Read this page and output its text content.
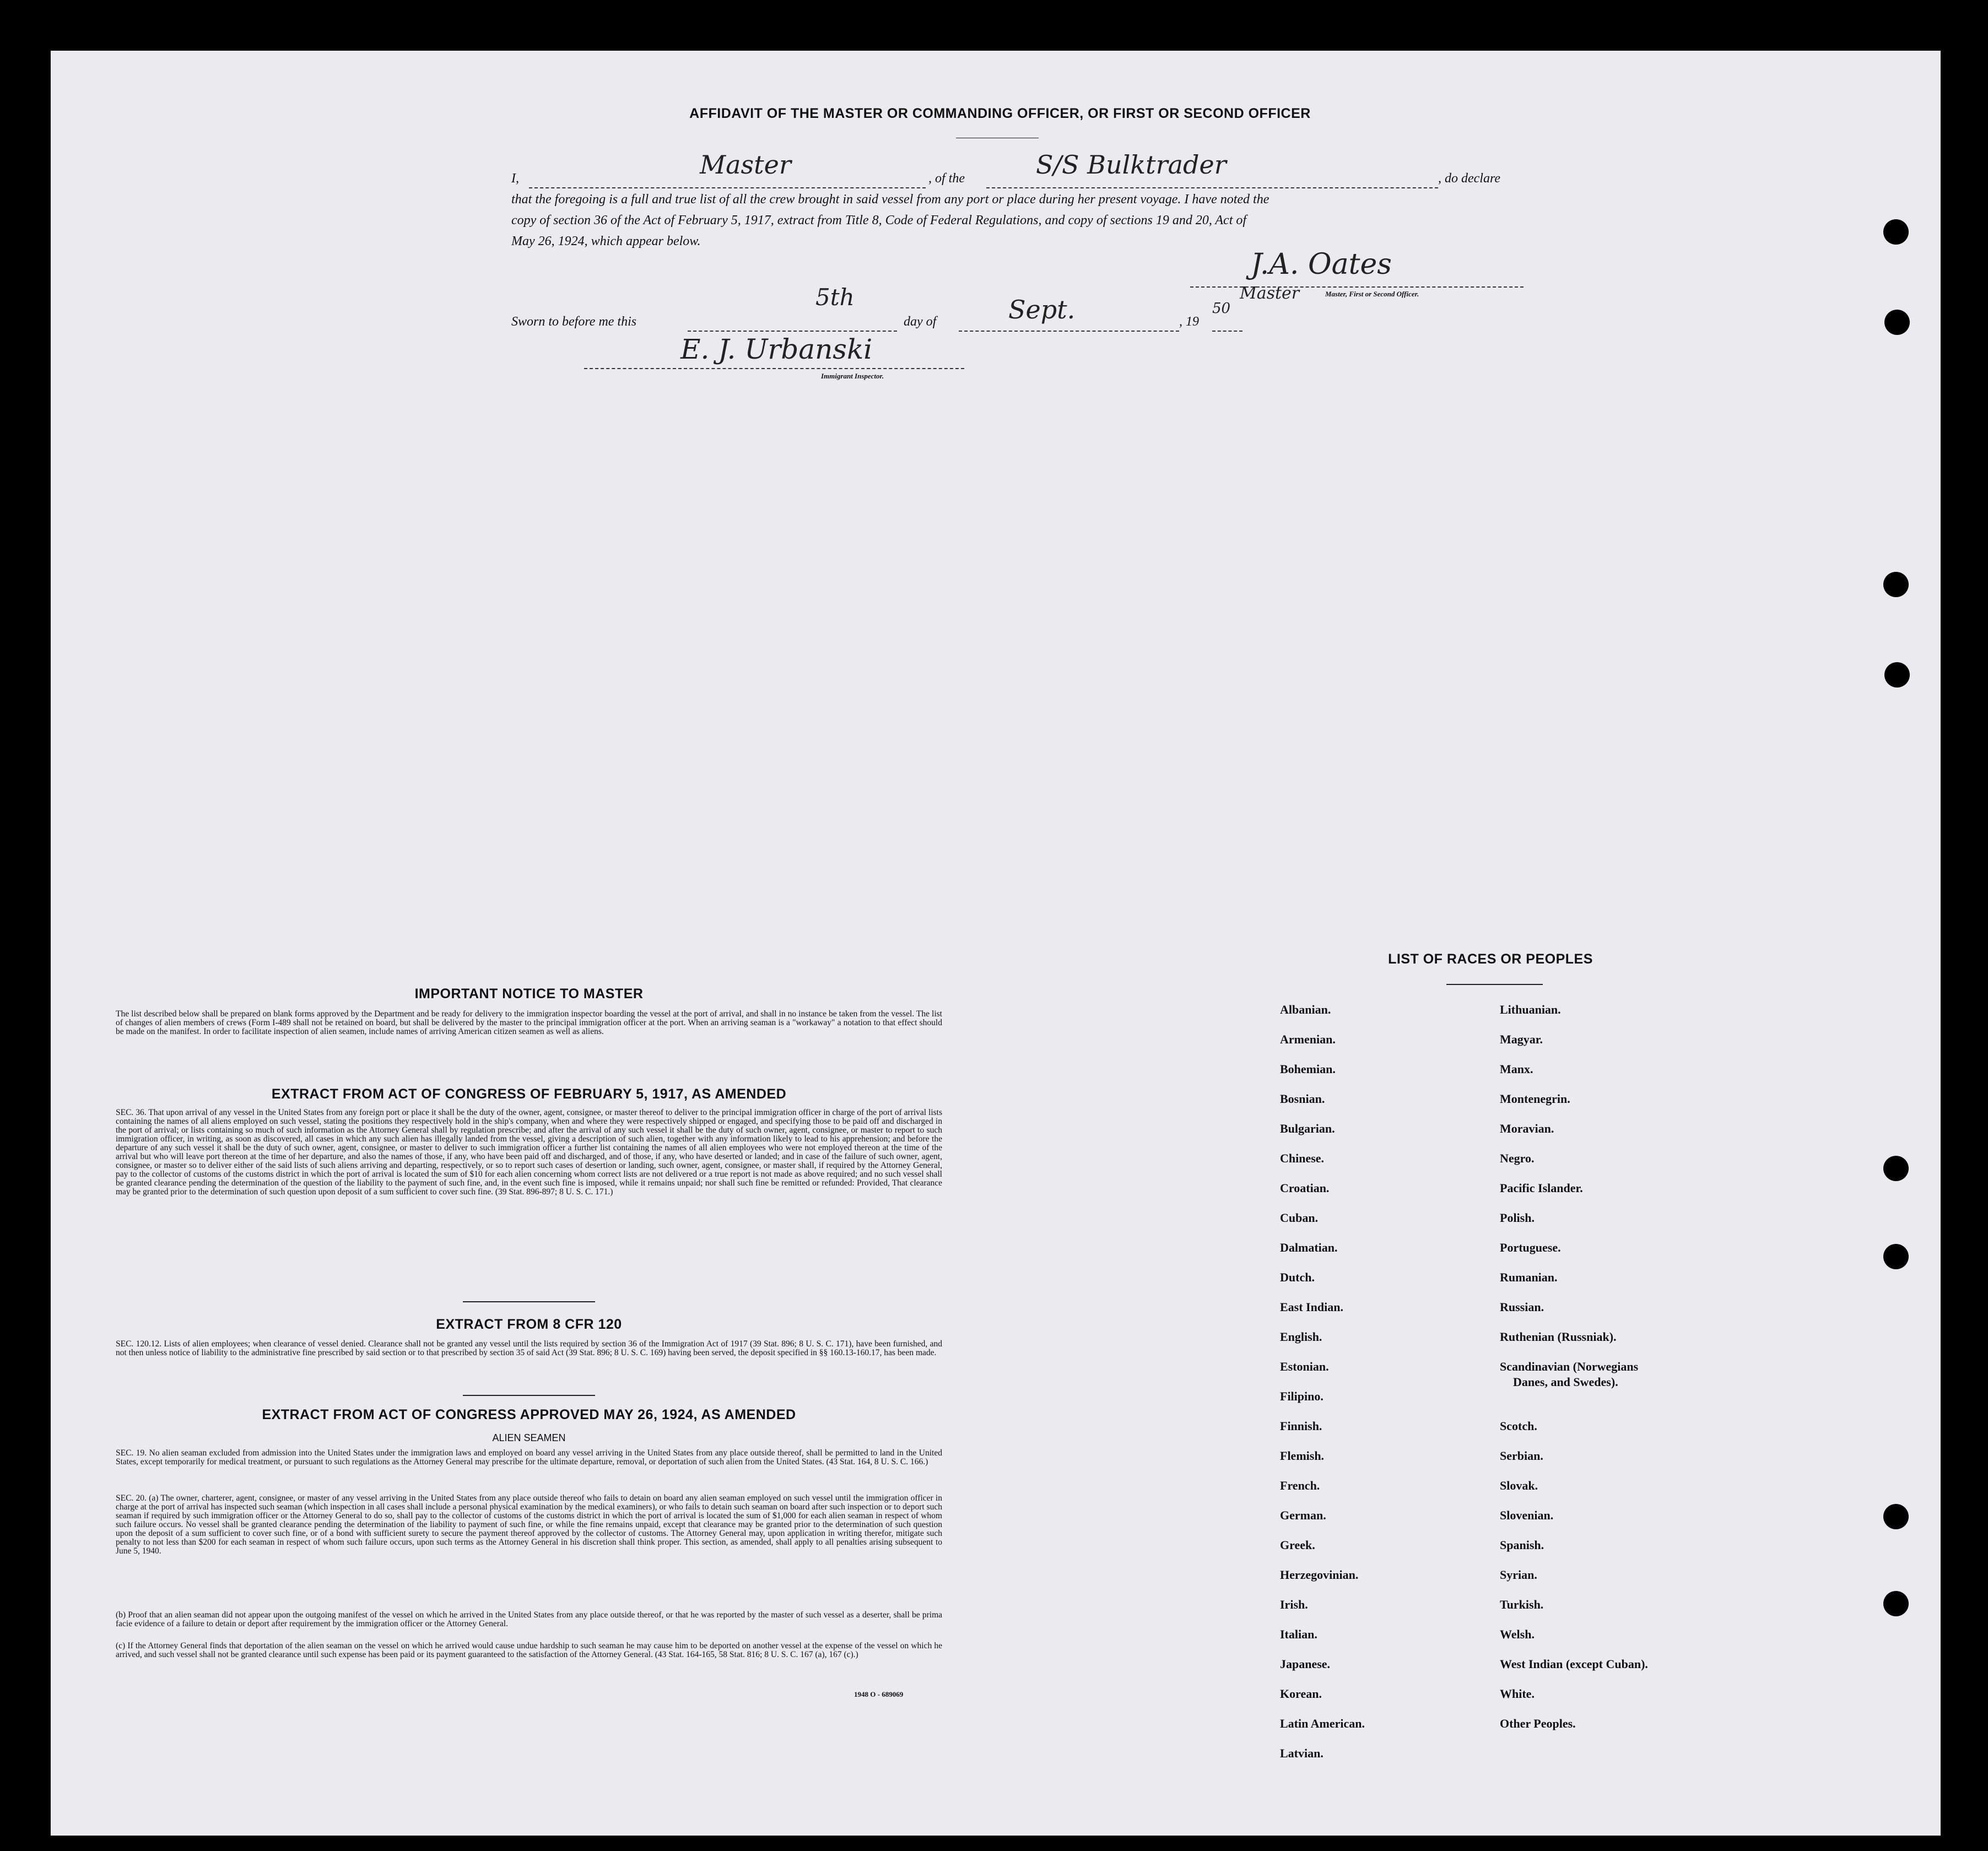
AFFIDAVIT OF THE MASTER OR COMMANDING OFFICER, OR FIRST OR SECOND OFFICER
I,	Master	, of the	S/S Bulktrader	, do declare
that the foregoing is a full and true list of all the crew brought in said vessel from any port or place during her present voyage. I have noted the
copy of section 36 of the Act of February 5, 1917, extract from Title 8, Code of Federal Regulations, and copy of sections 19 and 20, Act of
May 26, 1924, which appear below.
J.A. Oates
Master	Master, First or Second Officer.
Sworn to before me this
5th
day of	Sept.	, 19
50
E. J. Urbanski
Immigrant Inspector.
IMPORTANT NOTICE TO MASTER
The list described below shall be prepared on blank forms approved by the Department and be ready for delivery to the immigration inspector boarding the vessel at the port of arrival, and shall in no instance be taken from the vessel. The list of changes of alien members of crews (Form I-489 shall not be retained on board, but shall be delivered by the master to the principal immigration officer at the port. When an arriving seaman is a "workaway" a notation to that effect should be made on the manifest. In order to facilitate inspection of alien seamen, include names of arriving American citizen seamen as well as aliens.
EXTRACT FROM ACT OF CONGRESS OF FEBRUARY 5, 1917, AS AMENDED
SEC. 36. That upon arrival of any vessel in the United States from any foreign port or place it shall be the duty of the owner, agent, consignee, or master thereof to deliver to the principal immigration officer in charge of the port of arrival lists containing the names of all aliens employed on such vessel, stating the positions they respectively hold in the ship's company, when and where they were respectively shipped or engaged, and specifying those to be paid off and discharged in the port of arrival; or lists containing so much of such information as the Attorney General shall by regulation prescribe; and after the arrival of any such vessel it shall be the duty of such owner, agent, consignee, or master to report to such immigration officer, in writing, as soon as discovered, all cases in which any such alien has illegally landed from the vessel, giving a description of such alien, together with any information likely to lead to his apprehension; and before the departure of any such vessel it shall be the duty of such owner, agent, consignee, or master to deliver to such immigration officer a further list containing the names of all alien employees who were not employed thereon at the time of the arrival but who will leave port thereon at the time of her departure, and also the names of those, if any, who have been paid off and discharged, and of those, if any, who have deserted or landed; and in case of the failure of such owner, agent, consignee, or master so to deliver either of the said lists of such aliens arriving and departing, respectively, or so to report such cases of desertion or landing, such owner, agent, consignee, or master shall, if required by the Attorney General, pay to the collector of customs of the customs district in which the port of arrival is located the sum of $10 for each alien concerning whom correct lists are not delivered or a true report is not made as above required; and no such vessel shall be granted clearance pending the determination of the question of the liability to the payment of such fine, and, in the event such fine is imposed, while it remains unpaid; nor shall such fine be remitted or refunded: Provided, That clearance may be granted prior to the determination of such question upon deposit of a sum sufficient to cover such fine. (39 Stat. 896-897; 8 U. S. C. 171.)
EXTRACT FROM 8 CFR 120
SEC. 120.12. Lists of alien employees; when clearance of vessel denied. Clearance shall not be granted any vessel until the lists required by section 36 of the Immigration Act of 1917 (39 Stat. 896; 8 U. S. C. 171), have been furnished, and not then unless notice of liability to the administrative fine prescribed by said section or to that prescribed by section 35 of said Act (39 Stat. 896; 8 U. S. C. 169) having been served, the deposit specified in §§ 160.13-160.17, has been made.
EXTRACT FROM ACT OF CONGRESS APPROVED MAY 26, 1924, AS AMENDED
ALIEN SEAMEN
SEC. 19. No alien seaman excluded from admission into the United States under the immigration laws and employed on board any vessel arriving in the United States from any place outside thereof, shall be permitted to land in the United States, except temporarily for medical treatment, or pursuant to such regulations as the Attorney General may prescribe for the ultimate departure, removal, or deportation of such alien from the United States. (43 Stat. 164, 8 U. S. C. 166.)
SEC. 20. (a) The owner, charterer, agent, consignee, or master of any vessel arriving in the United States from any place outside thereof who fails to detain on board any alien seaman employed on such vessel until the immigration officer in charge at the port of arrival has inspected such seaman (which inspection in all cases shall include a personal physical examination by the medical examiners), or who fails to detain such seaman on board after such inspection or to deport such seaman if required by such immigration officer or the Attorney General to do so, shall pay to the collector of customs of the customs district in which the port of arrival is located the sum of $1,000 for each alien seaman in respect of whom such failure occurs. No vessel shall be granted clearance pending the determination of the liability to payment of such fine, or while the fine remains unpaid, except that clearance may be granted prior to the determination of such question upon the deposit of a sum sufficient to cover such fine, or of a bond with sufficient surety to secure the payment thereof approved by the collector of customs. The Attorney General may, upon application in writing therefor, mitigate such penalty to not less than $200 for each seaman in respect of whom such failure occurs, upon such terms as the Attorney General in his discretion shall think proper. This section, as amended, shall apply to all penalties arising subsequent to June 5, 1940.
(b) Proof that an alien seaman did not appear upon the outgoing manifest of the vessel on which he arrived in the United States from any place outside thereof, or that he was reported by the master of such vessel as a deserter, shall be prima facie evidence of a failure to detain or deport after requirement by the immigration officer or the Attorney General.
(c) If the Attorney General finds that deportation of the alien seaman on the vessel on which he arrived would cause undue hardship to such seaman he may cause him to be deported on another vessel at the expense of the vessel on which he arrived, and such vessel shall not be granted clearance until such expense has been paid or its payment guaranteed to the satisfaction of the Attorney General. (43 Stat. 164-165, 58 Stat. 816; 8 U. S. C. 167 (a), 167 (c).)
1948 O - 689069
LIST OF RACES OR PEOPLES
Albanian.
Armenian.
Bohemian.
Bosnian.
Bulgarian.
Chinese.
Croatian.
Cuban.
Dalmatian.
Dutch.
East Indian.
English.
Estonian.
Filipino.
Finnish.
Flemish.
French.
German.
Greek.
Herzegovinian.
Irish.
Italian.
Japanese.
Korean.
Latin American.
Latvian.
Lithuanian.
Magyar.
Manx.
Montenegrin.
Moravian.
Negro.
Pacific Islander.
Polish.
Portuguese.
Rumanian.
Russian.
Ruthenian (Russniak).
Scandinavian (Norwegians
Danes, and Swedes).
Scotch.
Serbian.
Slovak.
Slovenian.
Spanish.
Syrian.
Turkish.
Welsh.
West Indian (except Cuban).
White.
Other Peoples.
